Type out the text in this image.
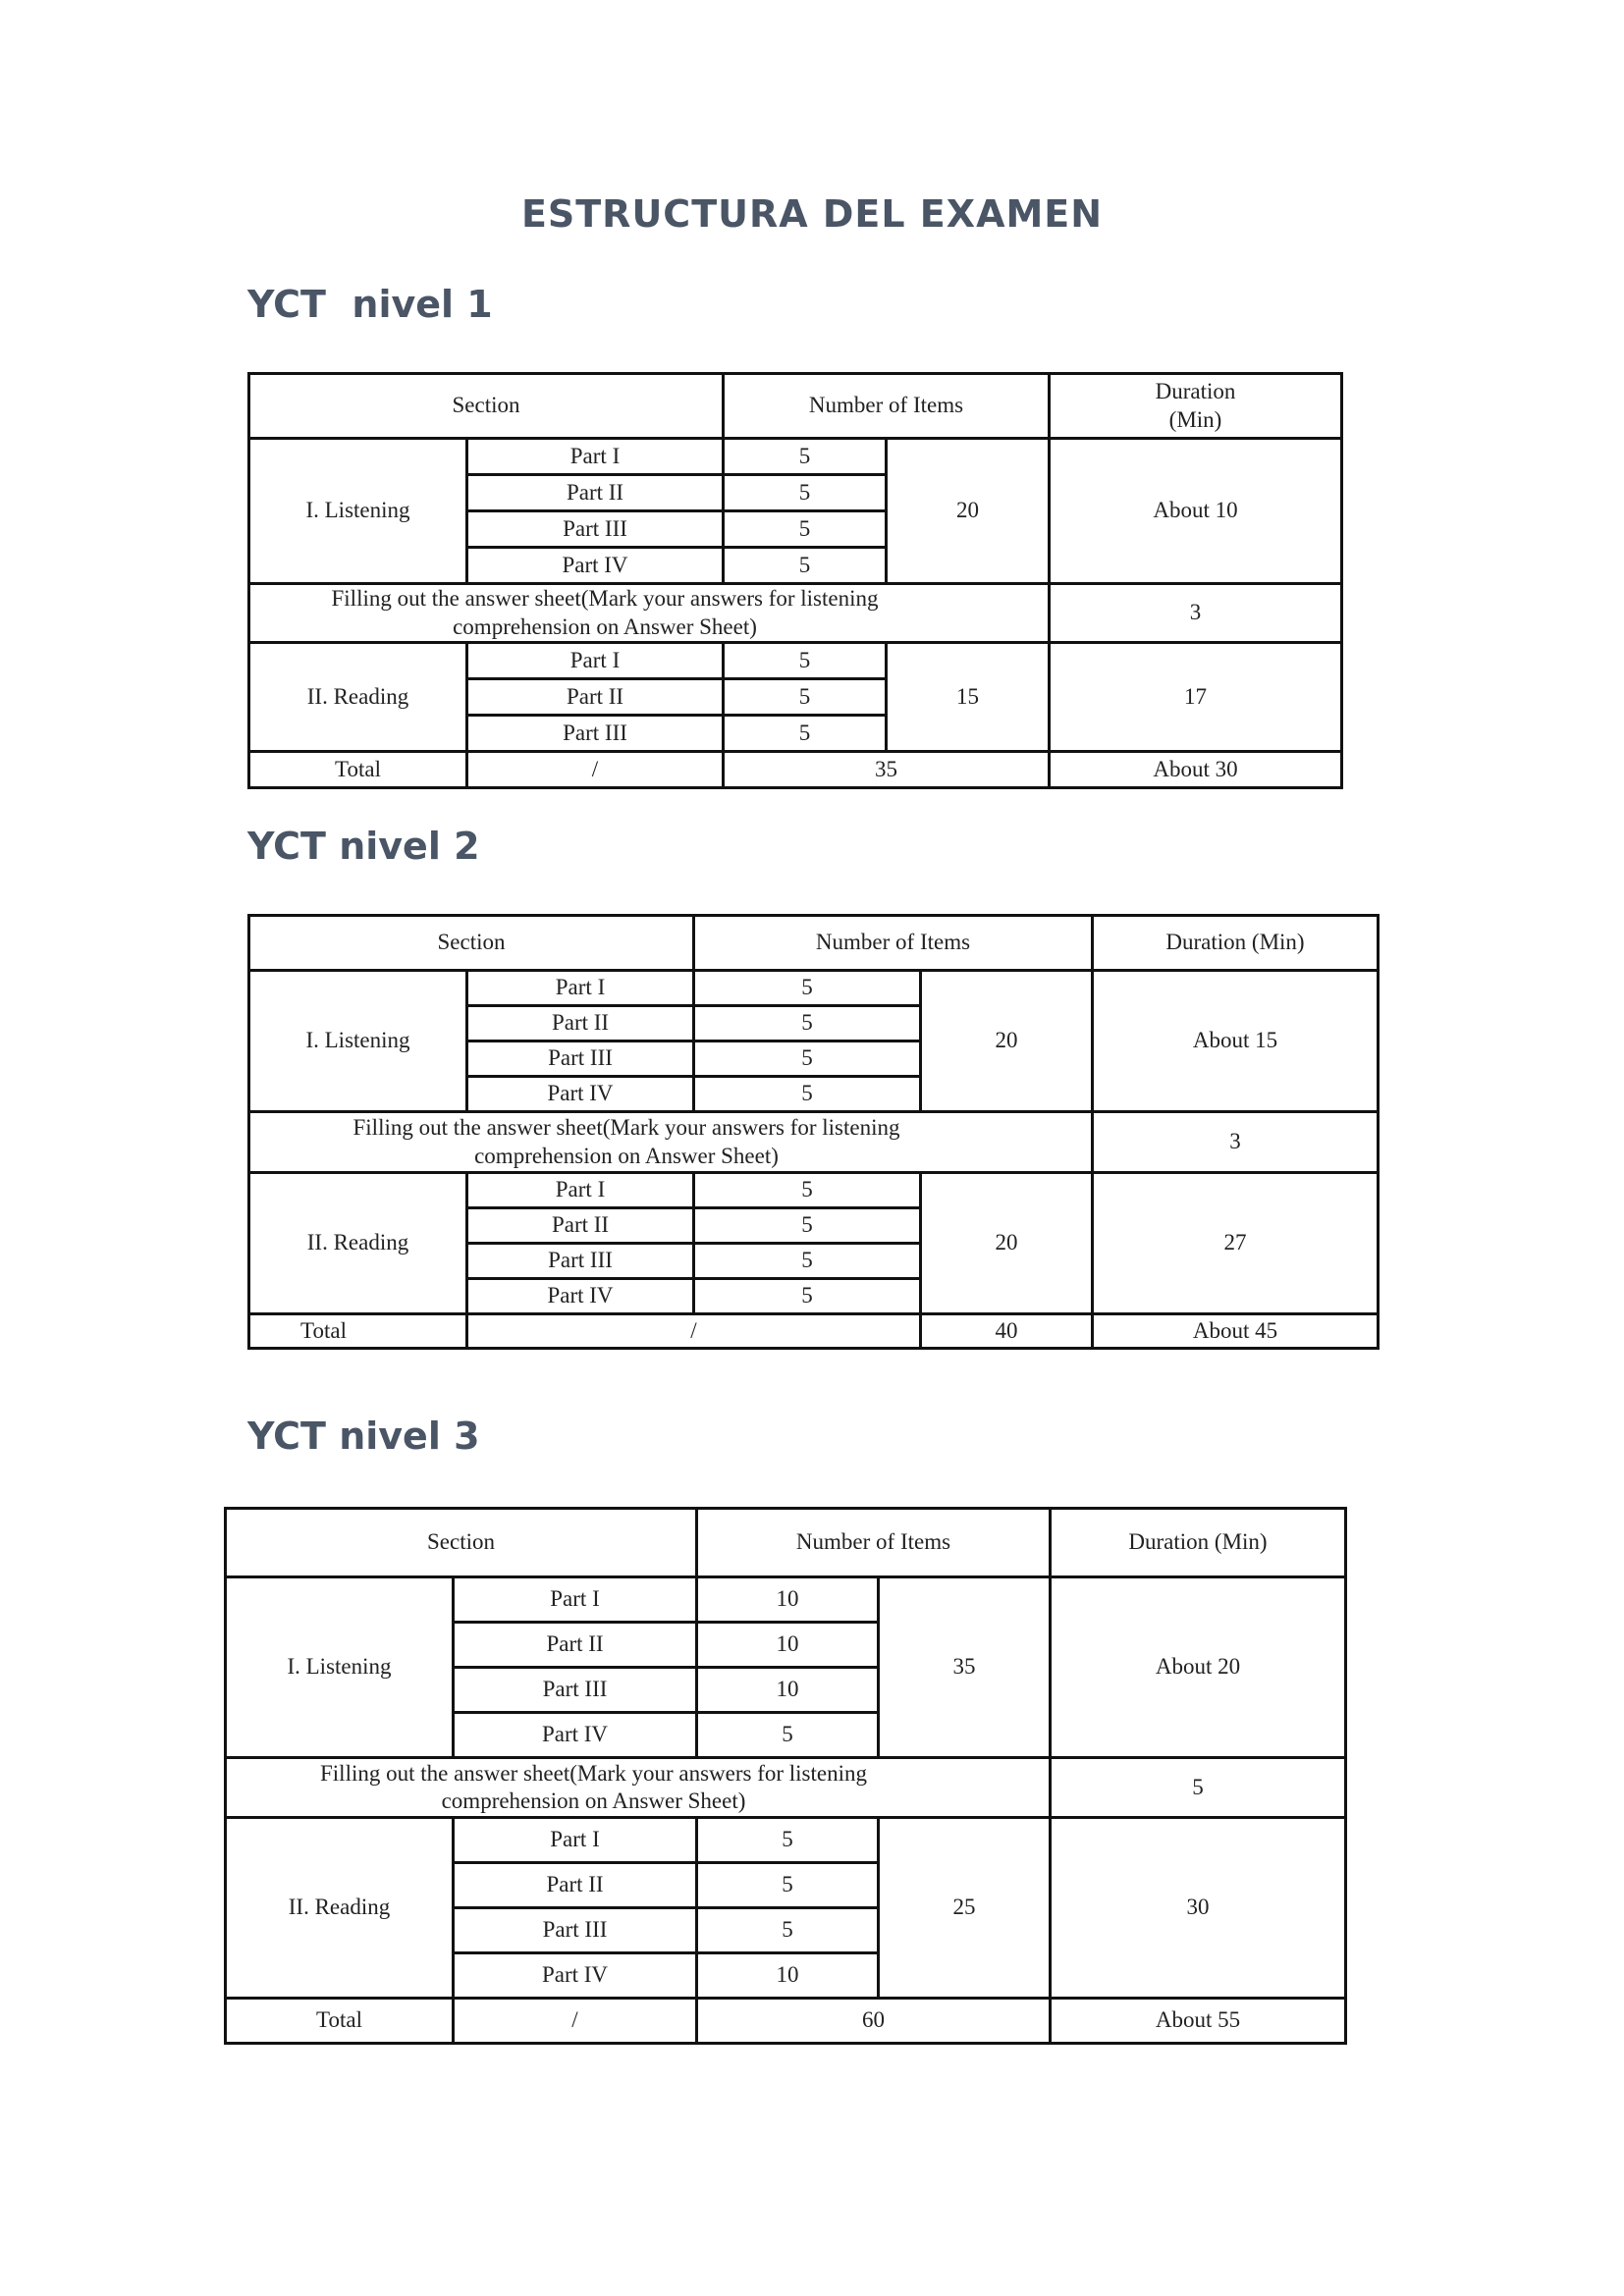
ESTRUCTURA DEL EXAMEN
YCT  nivel 1
Section		Number of Items		Duration
(Min)
I. Listening	Part I	5	20	About 10
	Part II	5		
	Part III	5		
	Part IV	5		
Filling out the answer sheet(Mark your answers for listening comprehension on Answer Sheet)				3
II. Reading	Part I	5	15	17
	Part II	5		
	Part III	5		
Total	/	35		About 30
YCT nivel 2
Section		Number of Items		Duration (Min)
I. Listening	Part I	5	20	About 15
	Part II	5		
	Part III	5		
	Part IV	5		
Filling out the answer sheet(Mark your answers for listening comprehension on Answer Sheet)				3
II. Reading	Part I	5	20	27
	Part II	5		
	Part III	5		
	Part IV	5		
Total	/		40	About 45
YCT nivel 3
Section		Number of Items		Duration (Min)
I. Listening	Part I	10	35	About 20
	Part II	10		
	Part III	10		
	Part IV	5		
Filling out the answer sheet(Mark your answers for listening comprehension on Answer Sheet)				5
II. Reading	Part I	5	25	30
	Part II	5		
	Part III	5		
	Part IV	10		
Total	/	60		About 55
